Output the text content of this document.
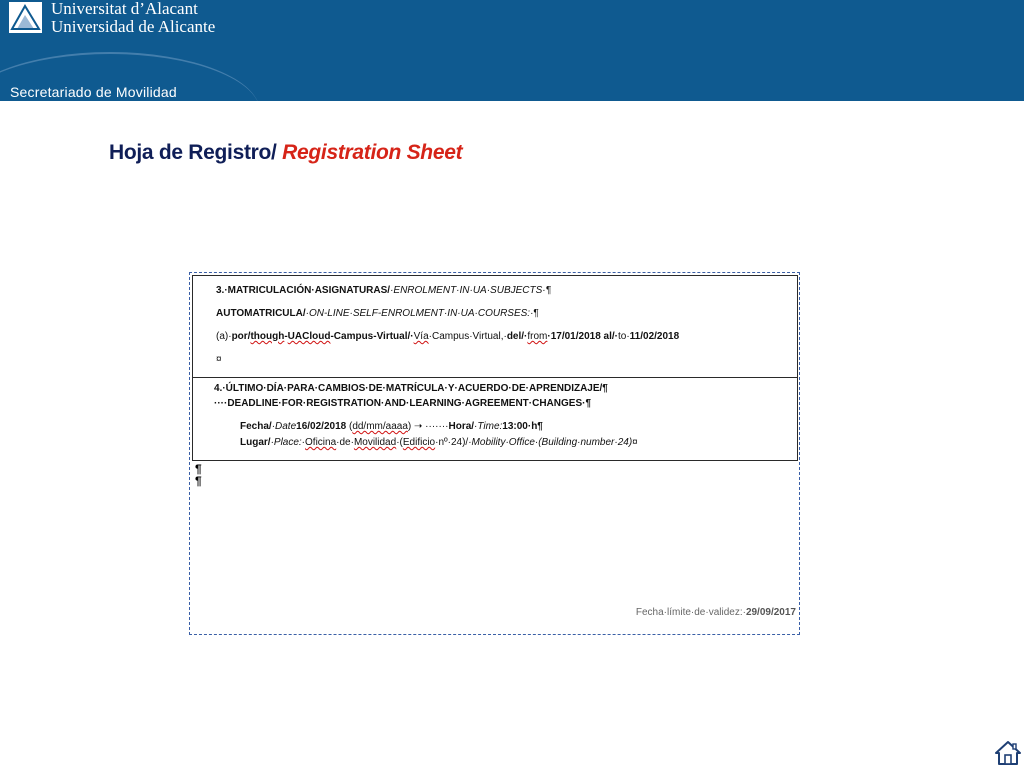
Universitat d’Alacant
Universidad de Alicante
Secretariado de Movilidad
Hoja de Registro/ Registration Sheet
3.·MATRICULACIÓN·ASIGNATURAS/·ENROLMENT·IN·UA·SUBJECTS·¶
AUTOMATRICULA/·ON-LINE·SELF-ENROLMENT·IN·UA·COURSES:·¶
(a)·por/though-UACloud-Campus-Virtual/·Vía·Campus·Virtual,·del/·from·17/01/2018 al/·to·11/02/2018
¤
4.·ÚLTIMO·DÍA·PARA·CAMBIOS·DE·MATRÍCULA·Y·ACUERDO·DE·APRENDIZAJE/¶
····DEADLINE·FOR·REGISTRATION·AND·LEARNING·AGREEMENT·CHANGES·¶
Fecha/·Date16/02/2018 (dd/mm/aaaa) ➝ ·······Hora/·Time:13:00·h¶
Lugar/·Place:·Oficina·de·Movilidad·(Edificio·nº·24)/·Mobility·Office·(Building·number·24)¤
¶
¶
Fecha·límite·de·validez:·29/09/2017
